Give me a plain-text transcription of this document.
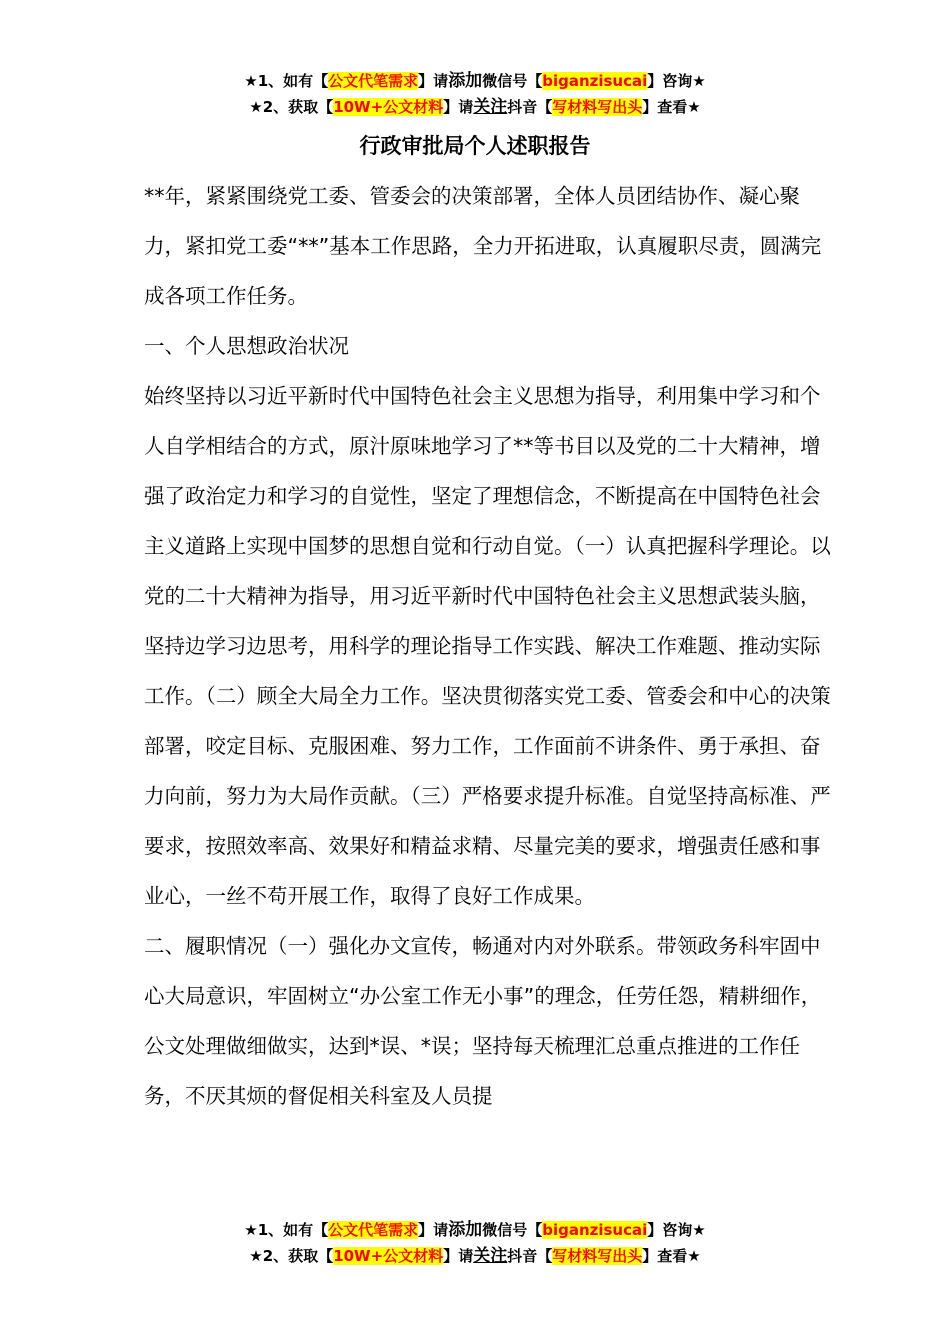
★1、如有【公文代笔需求】请添加微信号【biganzisucai】咨询★
★2、获取【10W+公文材料】请关注抖音【写材料写出头】查看★
行政审批局个人述职报告

**年，紧紧围绕党工委、管委会的决策部署，全体人员团结协作、凝心聚力，紧扣党工委“**”基本工作思路，全力开拓进取，认真履职尽责，圆满完成各项工作任务。

一、个人思想政治状况

始终坚持以习近平新时代中国特色社会主义思想为指导，利用集中学习和个人自学相结合的方式，原汁原味地学习了**等书目以及党的二十大精神，增强了政治定力和学习的自觉性，坚定了理想信念，不断提高在中国特色社会主义道路上实现中国梦的思想自觉和行动自觉。（一）认真把握科学理论。以党的二十大精神为指导，用习近平新时代中国特色社会主义思想武装头脑，坚持边学习边思考，用科学的理论指导工作实践、解决工作难题、推动实际工作。（二）顾全大局全力工作。坚决贯彻落实党工委、管委会和中心的决策部署，咬定目标、克服困难、努力工作，工作面前不讲条件、勇于承担、奋力向前，努力为大局作贡献。（三）严格要求提升标准。自觉坚持高标准、严要求，按照效率高、效果好和精益求精、尽量完美的要求，增强责任感和事业心，一丝不苟开展工作，取得了良好工作成果。

二、履职情况（一）强化办文宣传，畅通对内对外联系。带领政务科牢固中心大局意识，牢固树立“办公室工作无小事”的理念，任劳任怨，精耕细作，公文处理做细做实，达到*误、*误；坚持每天梳理汇总重点推进的工作任务，不厌其烦的督促相关科室及人员提

★1、如有【公文代笔需求】请添加微信号【biganzisucai】咨询★
★2、获取【10W+公文材料】请关注抖音【写材料写出头】查看★
